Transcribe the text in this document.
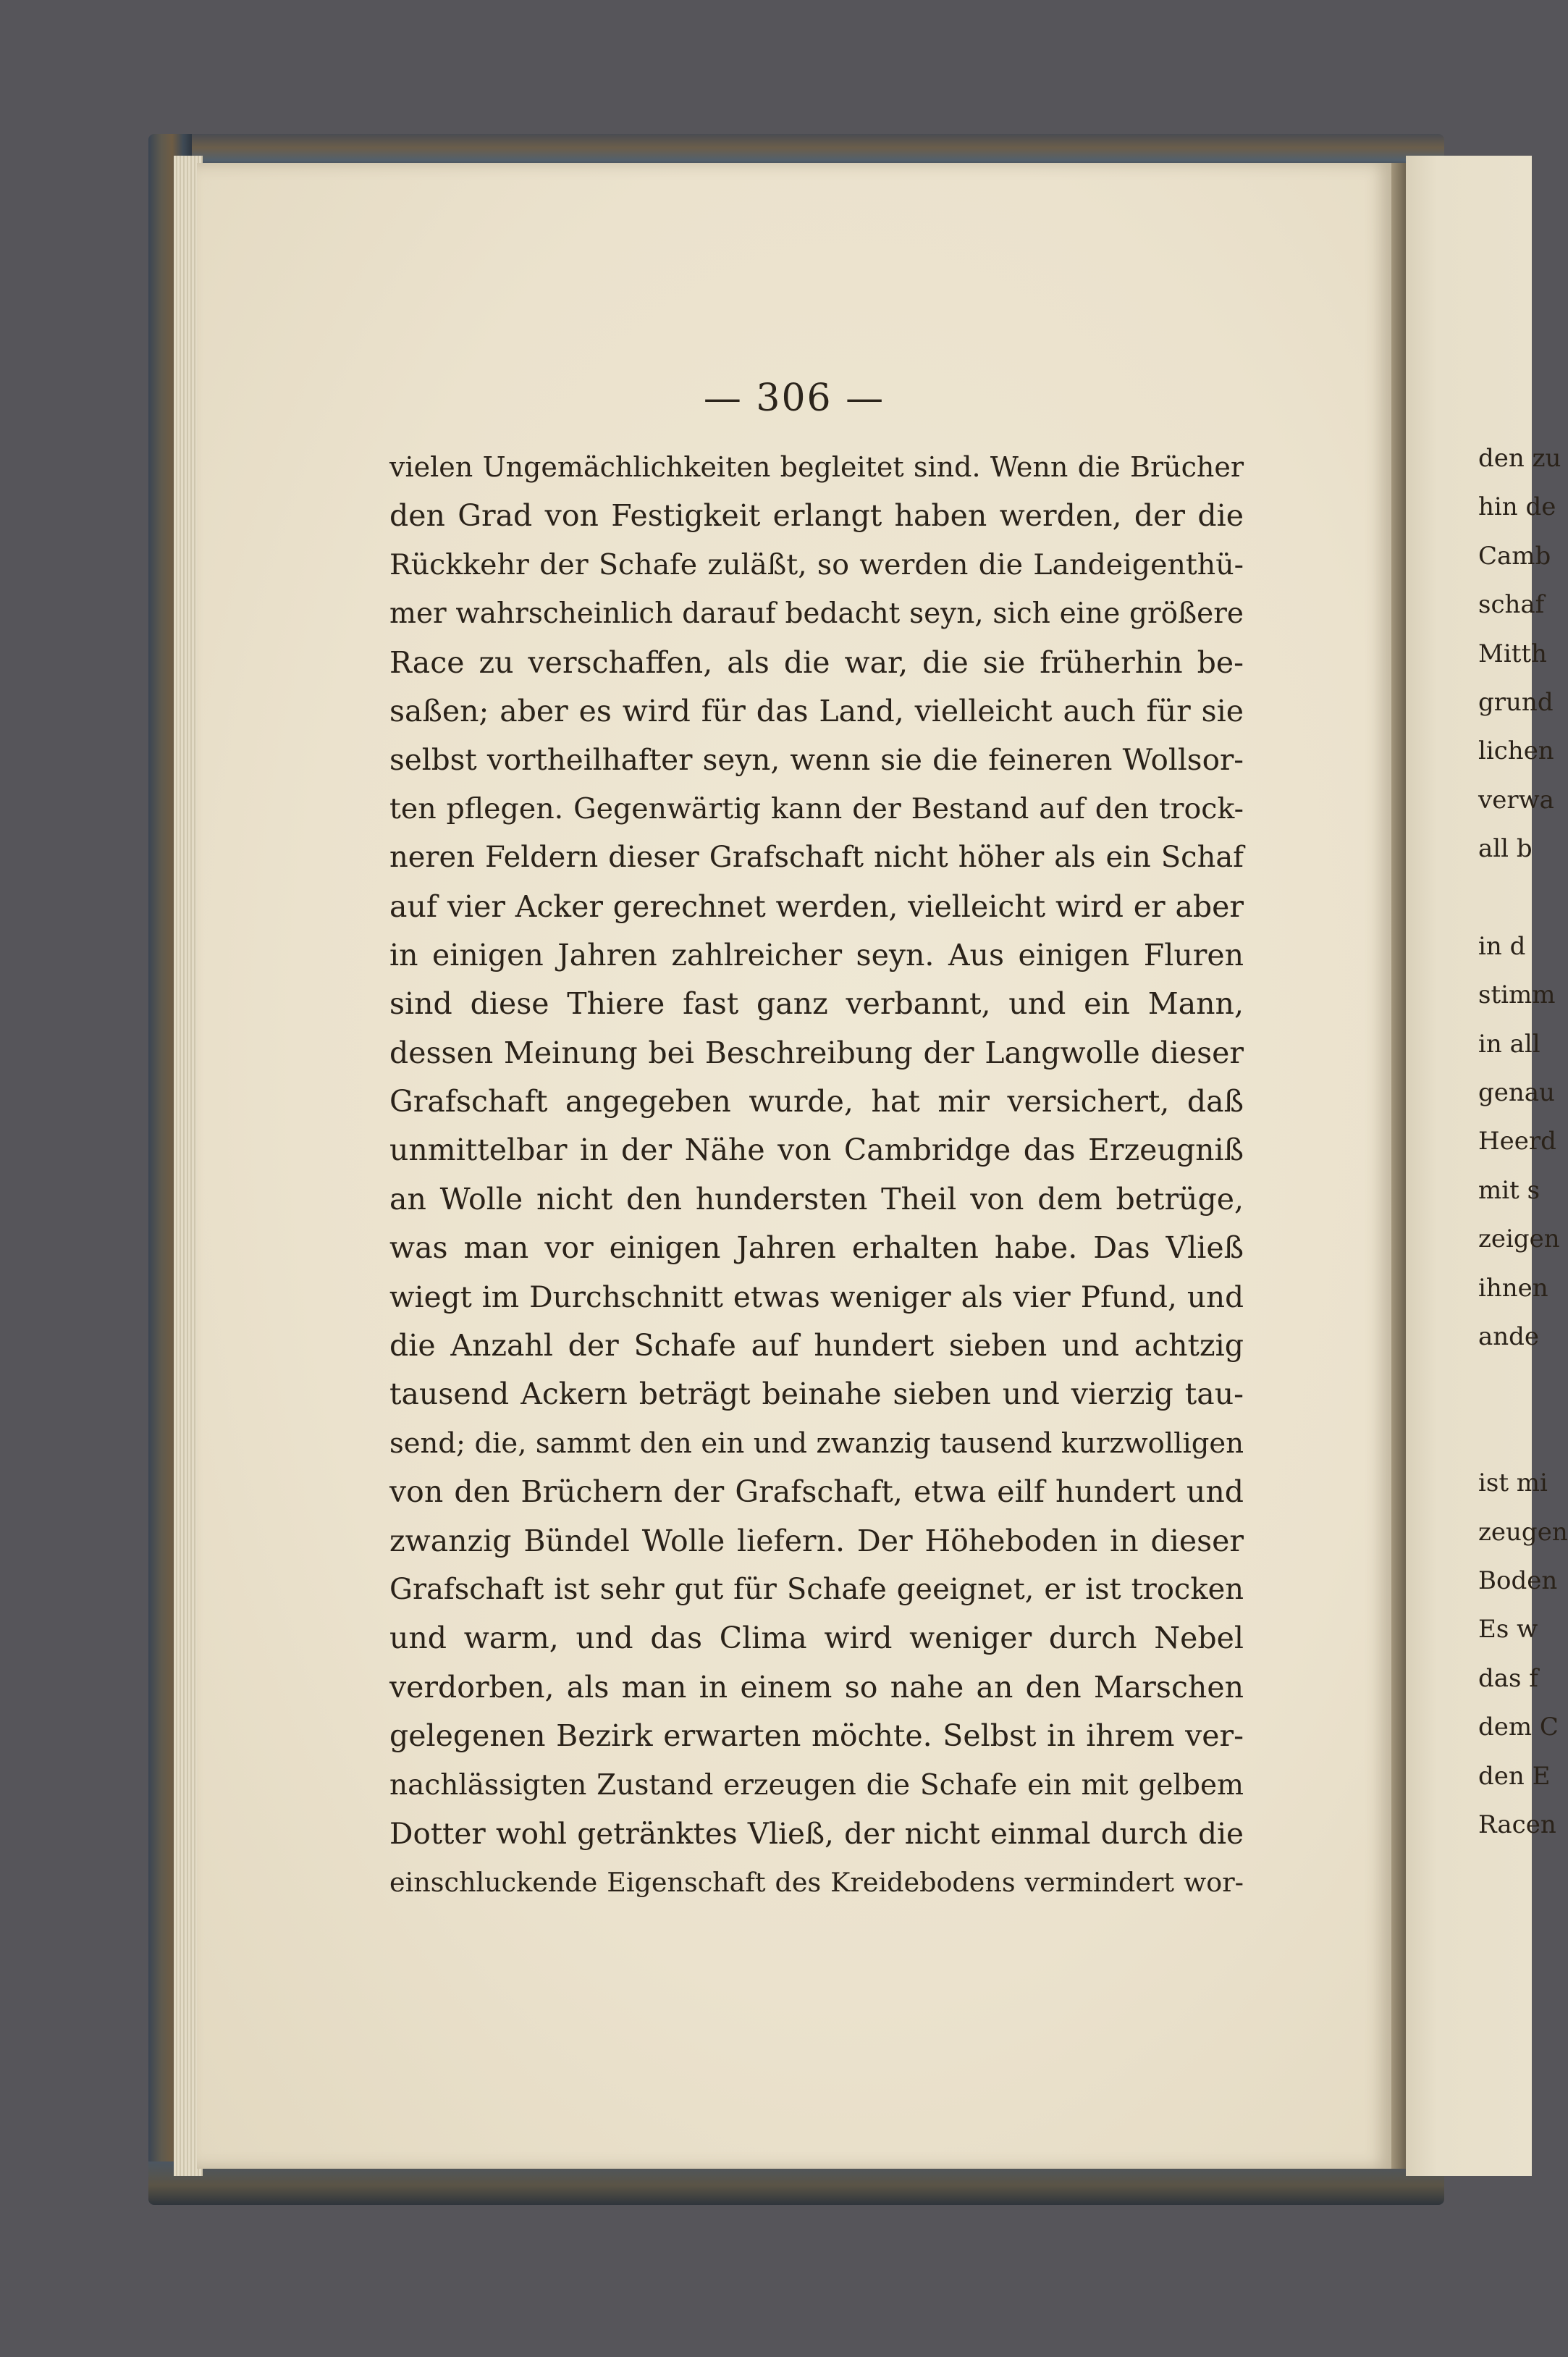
— 306 —
vielen Ungemächlichkeiten begleitet sind. Wenn die Brücher
den Grad von Festigkeit erlangt haben werden, der die
Rückkehr der Schafe zuläßt, so werden die Landeigenthü-
mer wahrscheinlich darauf bedacht seyn, sich eine größere
Race zu verschaffen, als die war, die sie früherhin be-
saßen; aber es wird für das Land, vielleicht auch für sie
selbst vortheilhafter seyn, wenn sie die feineren Wollsor-
ten pflegen. Gegenwärtig kann der Bestand auf den trock-
neren Feldern dieser Grafschaft nicht höher als ein Schaf
auf vier Acker gerechnet werden, vielleicht wird er aber
in einigen Jahren zahlreicher seyn. Aus einigen Fluren
sind diese Thiere fast ganz verbannt, und ein Mann,
dessen Meinung bei Beschreibung der Langwolle dieser
Grafschaft angegeben wurde, hat mir versichert, daß
unmittelbar in der Nähe von Cambridge das Erzeugniß
an Wolle nicht den hundersten Theil von dem betrüge,
was man vor einigen Jahren erhalten habe. Das Vließ
wiegt im Durchschnitt etwas weniger als vier Pfund, und
die Anzahl der Schafe auf hundert sieben und achtzig
tausend Ackern beträgt beinahe sieben und vierzig tau-
send; die, sammt den ein und zwanzig tausend kurzwolligen
von den Brüchern der Grafschaft, etwa eilf hundert und
zwanzig Bündel Wolle liefern. Der Höheboden in dieser
Grafschaft ist sehr gut für Schafe geeignet, er ist trocken
und warm, und das Clima wird weniger durch Nebel
verdorben, als man in einem so nahe an den Marschen
gelegenen Bezirk erwarten möchte. Selbst in ihrem ver-
nachlässigten Zustand erzeugen die Schafe ein mit gelbem
Dotter wohl getränktes Vließ, der nicht einmal durch die
einschluckende Eigenschaft des Kreidebodens vermindert wor-
den zu
hin de
Camb
schaf
Mitth
grund
lichen
verwa
all b
in d
stimm
in all
genau
Heerd
mit s
zeigen
ihnen
ande
ist mi
zeugen
Boden
Es w
das f
dem C
den E
Racen
